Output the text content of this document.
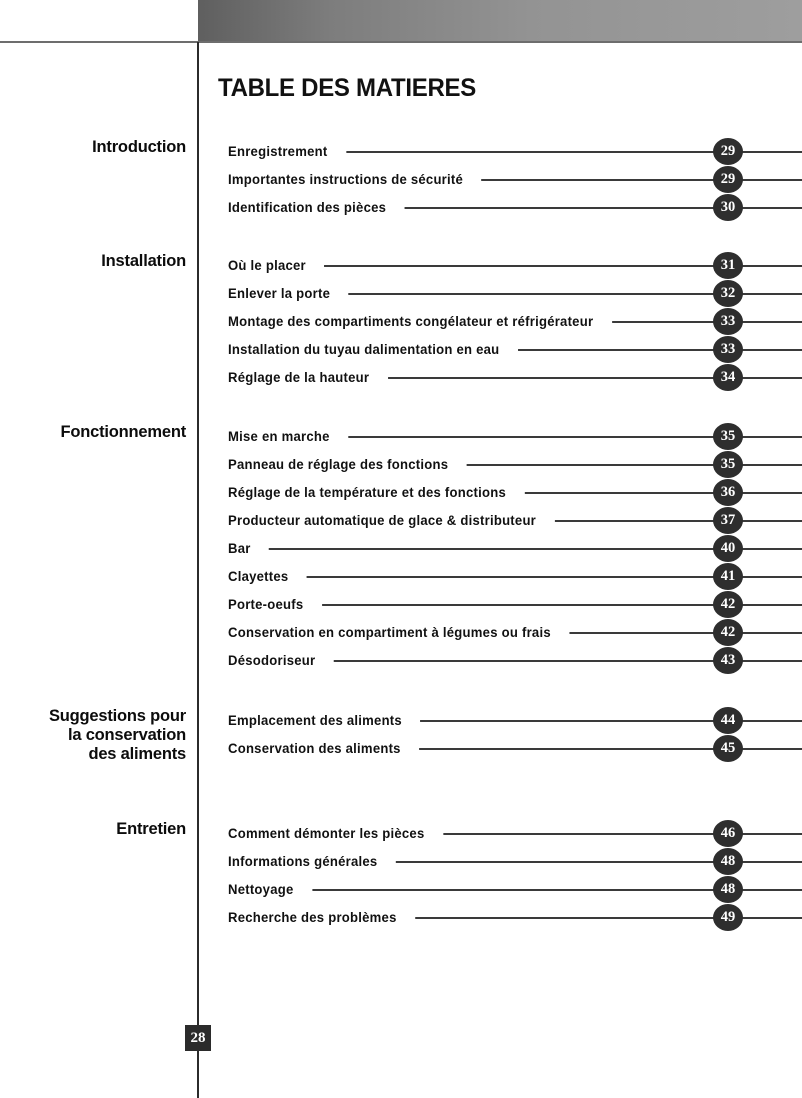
TABLE DES MATIERES
Introduction	Enregistrement	29
Importantes instructions de sécurité	29
Identification des pièces	30
Installation	Où le placer	31
Enlever la porte	32
Montage des compartiments congélateur et réfrigérateur	33
Installation du tuyau dalimentation en eau	33
Réglage de la hauteur	34
Fonctionnement	Mise en marche	35
Panneau de réglage des fonctions	35
Réglage de la température et des fonctions	36
Producteur automatique de glace & distributeur	37
Bar	40
Clayettes	41
Porte-oeufs	42
Conservation en compartiment à légumes ou frais	42
Désodoriseur	43
Suggestions pour
la conservation
des aliments
Emplacement des aliments	44
Conservation des aliments	45
Entretien	Comment démonter les pièces	46
Informations générales	48
Nettoyage	48
Recherche des problèmes	49
28
